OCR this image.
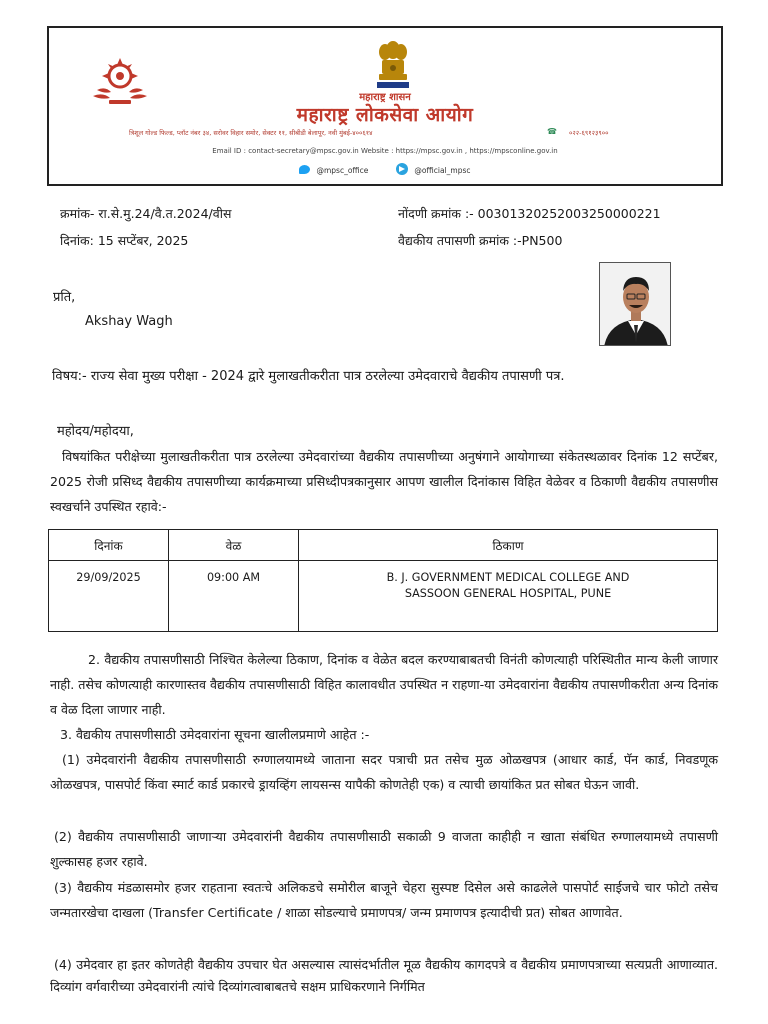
महाराष्ट्र शासन
महाराष्ट्र लोकसेवा आयोग
त्रिशूल गोल्ड फिल्ड, प्लॉट नंबर ३४, सरोवर विहार समोर, सेक्टर ११, सीबीडी बेलापूर, नवी मुंबई-४००६१४	☎ ०२२-६९१२३९००
Email ID : contact-secretary@mpsc.gov.in Website : https://mpsc.gov.in , https://mpsconline.gov.in
@mpsc_office	@official_mpsc
क्रमांक- रा.से.मु.24/वै.त.2024/वीस
दिनांक: 15 सप्टेंबर, 2025
नोंदणी क्रमांक :- 003013202520032500002​21
वैद्यकीय तपासणी क्रमांक :-PN500
प्रति,
Akshay Wagh
विषय:- राज्य सेवा मुख्य परीक्षा - 2024 द्वारे मुलाखतीकरीता पात्र ठरलेल्या उमेदवाराचे वैद्यकीय तपासणी पत्र.
महोदय/महोदया,
विषयांकित परीक्षेच्या मुलाखतीकरीता पात्र ठरलेल्या उमेदवारांच्या वैद्यकीय तपासणीच्या अनुषंगाने आयोगाच्या संकेतस्थळावर दिनांक 12 सप्टेंबर, 2025 रोजी प्रसिध्द वैद्यकीय तपासणीच्या कार्यक्रमाच्या प्रसिध्दीपत्रकानुसार आपण खालील दिनांकास विहित वेळेवर व ठिकाणी वैद्यकीय तपासणीस स्वखर्चाने उपस्थित रहावे:-
दिनांक	वेळ	ठिकाण
29/09/2025	09:00 AM	B. J. GOVERNMENT MEDICAL COLLEGE AND SASSOON GENERAL HOSPITAL, PUNE
2. वैद्यकीय तपासणीसाठी निश्चित केलेल्या ठिकाण, दिनांक व वेळेत बदल करण्याबाबतची विनंती कोणत्याही परिस्थितीत मान्य केली जाणार नाही. तसेच कोणत्याही कारणास्तव वैद्यकीय तपासणीसाठी विहित कालावधीत उपस्थित न राहणा-या उमेदवारांना वैद्यकीय तपासणीकरीता अन्य दिनांक व वेळ दिला जाणार नाही.
3. वैद्यकीय तपासणीसाठी उमेदवारांना सूचना खालीलप्रमाणे आहेत :-
(1) उमेदवारांनी वैद्यकीय तपासणीसाठी रुग्णालयामध्ये जाताना सदर पत्राची प्रत तसेच मुळ ओळखपत्र (आधार कार्ड, पॅन कार्ड, निवडणूक ओळखपत्र, पासपोर्ट किंवा स्मार्ट कार्ड प्रकारचे ड्रायव्हिंग लायसन्स यापैकी कोणतेही एक) व त्याची छायांकित प्रत सोबत घेऊन जावी.
(2) वैद्यकीय तपासणीसाठी जाणाऱ्या उमेदवारांनी वैद्यकीय तपासणीसाठी सकाळी 9 वाजता काहीही न खाता संबंधित रुग्णालयामध्ये तपासणी शुल्कासह हजर रहावे.
(3) वैद्यकीय मंडळासमोर हजर राहताना स्वतःचे अलिकडचे समोरील बाजूने चेहरा सुस्पष्ट दिसेल असे काढलेले पासपोर्ट साईजचे चार फोटो तसेच जन्मतारखेचा दाखला (Transfer Certificate / शाळा सोडल्याचे प्रमाणपत्र/ जन्म प्रमाणपत्र इत्यादीची प्रत) सोबत आणावेत.
(4) उमेदवार हा इतर कोणतेही वैद्यकीय उपचार घेत असल्यास त्यासंदर्भातील मूळ वैद्यकीय कागदपत्रे व वैद्यकीय प्रमाणपत्राच्या सत्यप्रती आणाव्यात. दिव्यांग वर्गवारीच्या उमेदवारांनी त्यांचे दिव्यांगत्वाबाबतचे सक्षम प्राधिकरणाने निर्गमित
